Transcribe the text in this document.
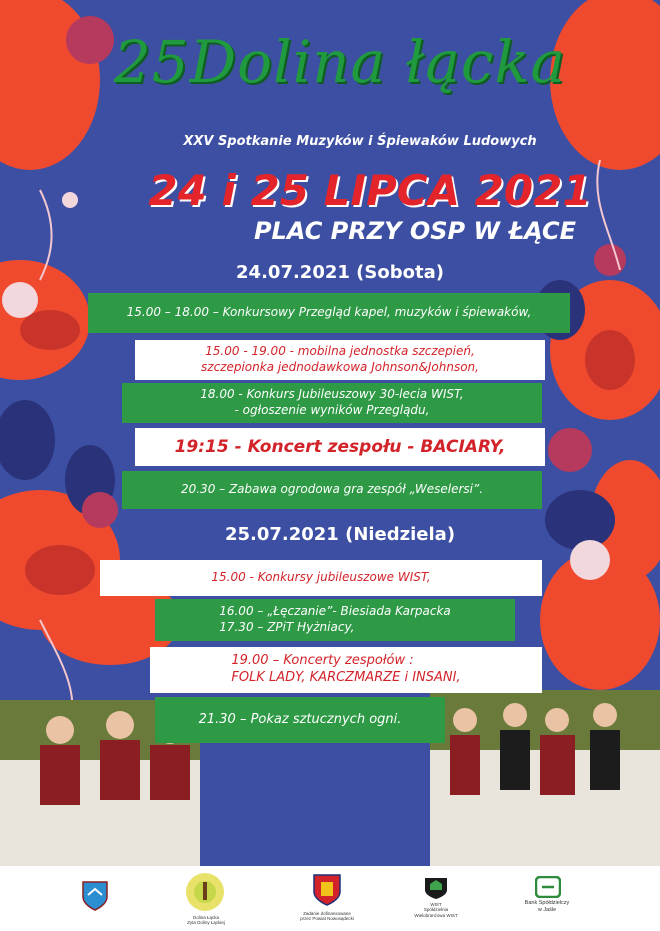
25Dolina łącka
XXV Spotkanie Muzyków i Śpiewaków Ludowych
24 i 25 LIPCA 2021
PLAC PRZY OSP W ŁĄCE
24.07.2021 (Sobota)
15.00 – 18.00 – Konkursowy Przegląd kapel, muzyków i śpiewaków,
15.00 - 19.00 - mobilna jednostka szczepień,
szczepionka jednodawkowa Johnson&Johnson,
18.00 - Konkurs Jubileuszowy 30-lecia WIST,
- ogłoszenie wyników Przeglądu,
19:15 - Koncert zespołu - BACIARY,
20.30 – Zabawa ogrodowa gra zespół „Weselersi”.
25.07.2021 (Niedziela)
15.00 - Konkursy jubileuszowe WIST,
16.00 – „Łęczanie”- Biesiada Karpacka
17.30 – ZPiT Hyżniacy,
19.00 – Koncerty zespołów :
FOLK LADY, KARCZMARZE i INSANI,
21.30 – Pokaz sztucznych ogni.
Dolina Łącka
Zyta Doliny Łąckiej
Zadanie dofinansowane
przez Powiat Nowosądecki
WIST
Spółdzielnia
Wielobranżowa WIST
Bank Spółdzielczy
w Jaśle
